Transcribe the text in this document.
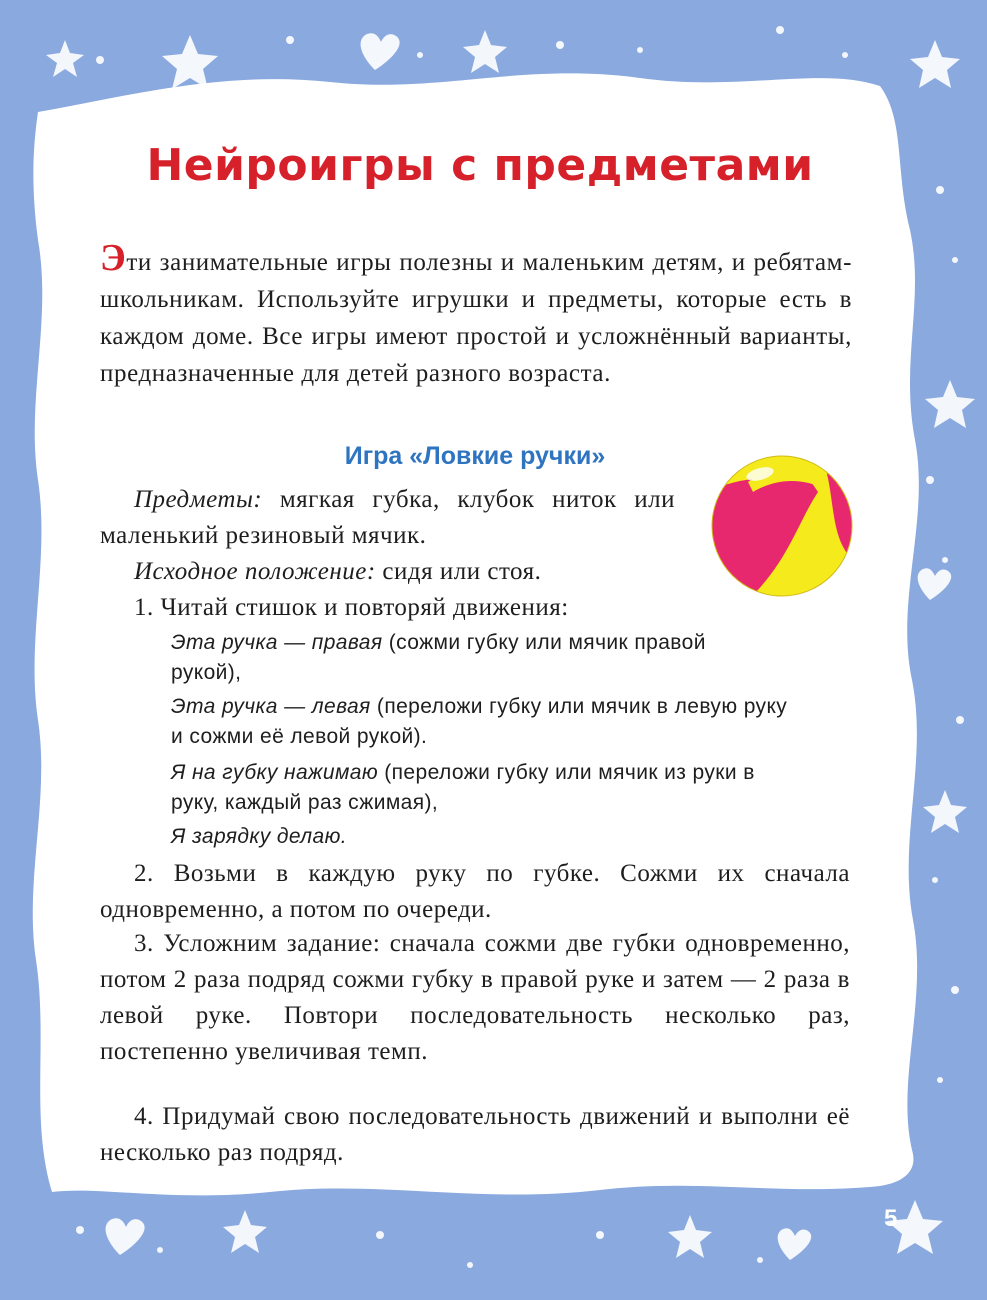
Нейроигры с предметами

Эти занимательные игры полезны и маленьким детям, и ребятам-школьникам. Используйте игрушки и предметы, которые есть в каждом доме. Все игры имеют простой и усложнённый варианты, предназначенные для детей разного возраста.

Игра «Ловкие ручки»

Предметы: мягкая губка, клубок ниток или маленький резиновый мячик.

Исходное положение: сидя или стоя.

1. Читай стишок и повторяй движения:

Эта ручка — правая (сожми губку или мячик правой рукой),

Эта ручка — левая (переложи губку или мячик в левую руку и сожми её левой рукой).

Я на губку нажимаю (переложи губку или мячик из руки в руку, каждый раз сжимая),

Я зарядку делаю.

2. Возьми в каждую руку по губке. Сожми их сначала одновременно, а потом по очереди.

3. Усложним задание: сначала сожми две губки одновременно, потом 2 раза подряд сожми губку в правой руке и затем — 2 раза в левой руке. Повтори последовательность несколько раз, постепенно увеличивая темп.

4. Придумай свою последовательность движений и выполни её несколько раз подряд.

5
